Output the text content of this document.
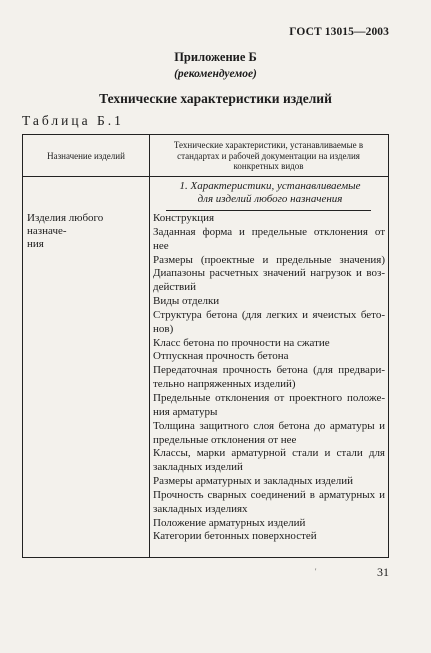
ГОСТ 13015—2003
Приложение Б
(рекомендуемое)
Технические характеристики изделий
Таблица Б.1
Назначение изделий
Технические характеристики, устанавливаемые в
стандартах и рабочей документации на изделия
конкретных видов
1. Характеристики, устанавливаемые
для изделий любого назначения
Изделия любого назначе-
ния
Конструкция
Заданная форма и предельные отклонения от
нее
Размеры (проектные и предельные значения)
Диапазоны расчетных значений нагрузок и воз-
действий
Виды отделки
Структура бетона (для легких и ячеистых бето-
нов)
Класс бетона по прочности на сжатие
Отпускная прочность бетона
Передаточная прочность бетона (для предвари-
тельно напряженных изделий)
Предельные отклонения от проектного положе-
ния арматуры
Толщина защитного слоя бетона до арматуры и
предельные отклонения от нее
Классы, марки арматурной стали и стали для
закладных изделий
Размеры арматурных и закладных изделий
Прочность сварных соединений в арматурных и
закладных изделиях
Положение арматурных изделий
Категории бетонных поверхностей
31
'
